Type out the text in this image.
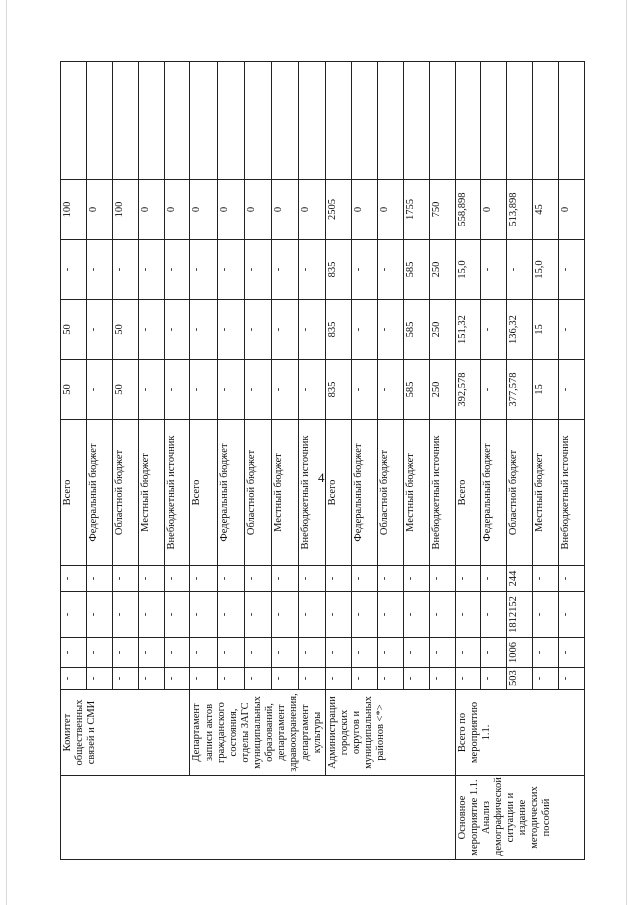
4
	Комитет общественных связей и СМИ	-	-	-	-	Всего	50	50	-	100	
		-	-	-	-	Федеральный бюджет	-	-	-	0	
		-	-	-	-	Областной бюджет	50	50	-	100	
		-	-	-	-	Местный бюджет	-	-	-	0	
		-	-	-	-	Внебюджетный источник	-	-	-	0	
	Департамент записи актов гражданского состояния, отделы ЗАГС муниципальных образований, департамент здравоохранения, департамент культуры	-	-	-	-	Всего	-	-	-	0	
		-	-	-	-	Федеральный бюджет	-	-	-	0	
		-	-	-	-	Областной бюджет	-	-	-	0	
		-	-	-	-	Местный бюджет	-	-	-	0	
		-	-	-	-	Внебюджетный источник	-	-	-	0	
	Администрации городских округов и муниципальных районов <*>	-	-	-	-	Всего	835	835	835	2505	
		-	-	-	-	Федеральный бюджет	-	-	-	0	
		-	-	-	-	Областной бюджет	-	-	-	0	
		-	-	-	-	Местный бюджет	585	585	585	1755	
		-	-	-	-	Внебюджетный источник	250	250	250	750	
Основное мероприятие 1.1. Анализ демографической ситуации и издание методических пособий	Всего по мероприятию 1.1.	-	-	-	-	Всего	392,578	151,32	15,0	558,898	
		-	-	-	-	Федеральный бюджет	-	-	-	0	
		503	1006	1812152	244	Областной бюджет	377,578	136,32	-	513,898	
		-	-	-	-	Местный бюджет	15	15	15,0	45	
		-	-	-	-	Внебюджетный источник	-	-	-	0	
